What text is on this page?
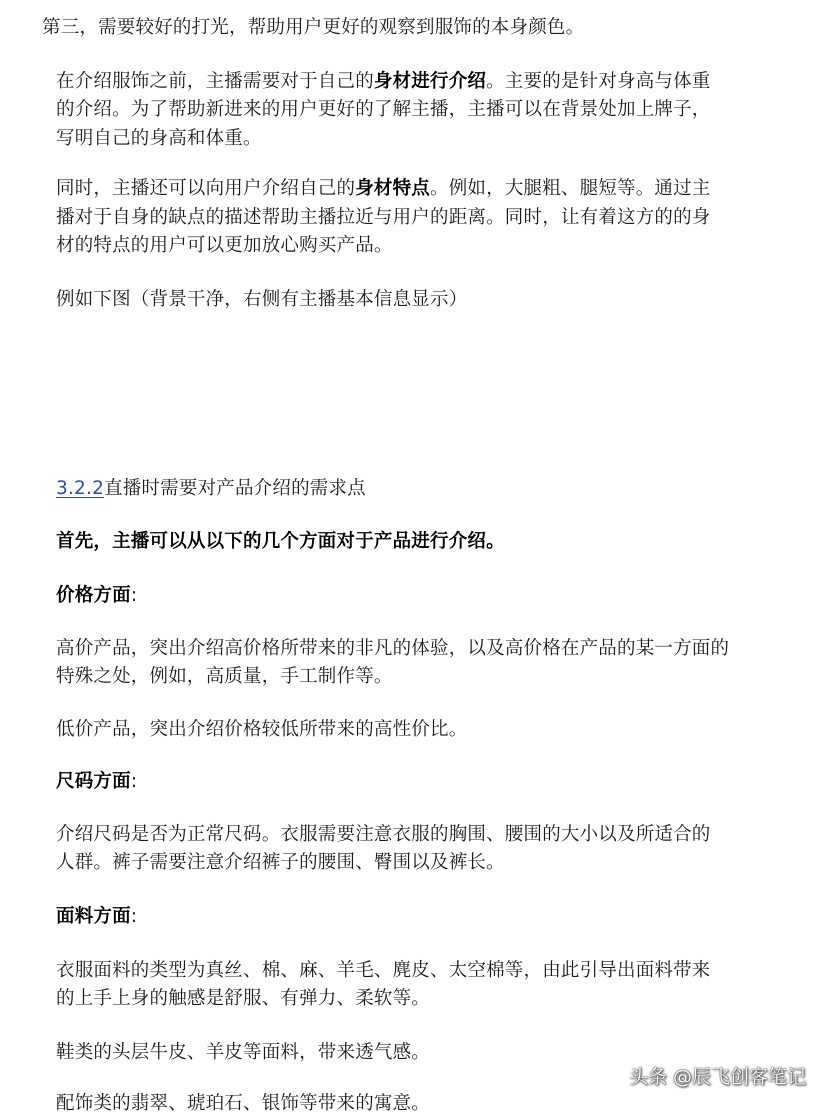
第三，需要较好的打光，帮助用户更好的观察到服饰的本身颜色。
在介绍服饰之前，主播需要对于自己的身材进行介绍。主要的是针对身高与体重
的介绍。为了帮助新进来的用户更好的了解主播，主播可以在背景处加上牌子，
写明自己的身高和体重。
同时，主播还可以向用户介绍自己的身材特点。例如，大腿粗、腿短等。通过主
播对于自身的缺点的描述帮助主播拉近与用户的距离。同时，让有着这方的的身
材的特点的用户可以更加放心购买产品。
例如下图（背景干净，右侧有主播基本信息显示）
3.2.2直播时需要对产品介绍的需求点
首先，主播可以从以下的几个方面对于产品进行介绍。
价格方面:
高价产品，突出介绍高价格所带来的非凡的体验，以及高价格在产品的某一方面的
特殊之处，例如，高质量，手工制作等。
低价产品，突出介绍价格较低所带来的高性价比。
尺码方面:
介绍尺码是否为正常尺码。衣服需要注意衣服的胸围、腰围的大小以及所适合的
人群。裤子需要注意介绍裤子的腰围、臀围以及裤长。
面料方面:
衣服面料的类型为真丝、棉、麻、羊毛、麂皮、太空棉等，由此引导出面料带来
的上手上身的触感是舒服、有弹力、柔软等。
鞋类的头层牛皮、羊皮等面料，带来透气感。
配饰类的翡翠、琥珀石、银饰等带来的寓意。
头条 @辰飞创客笔记
